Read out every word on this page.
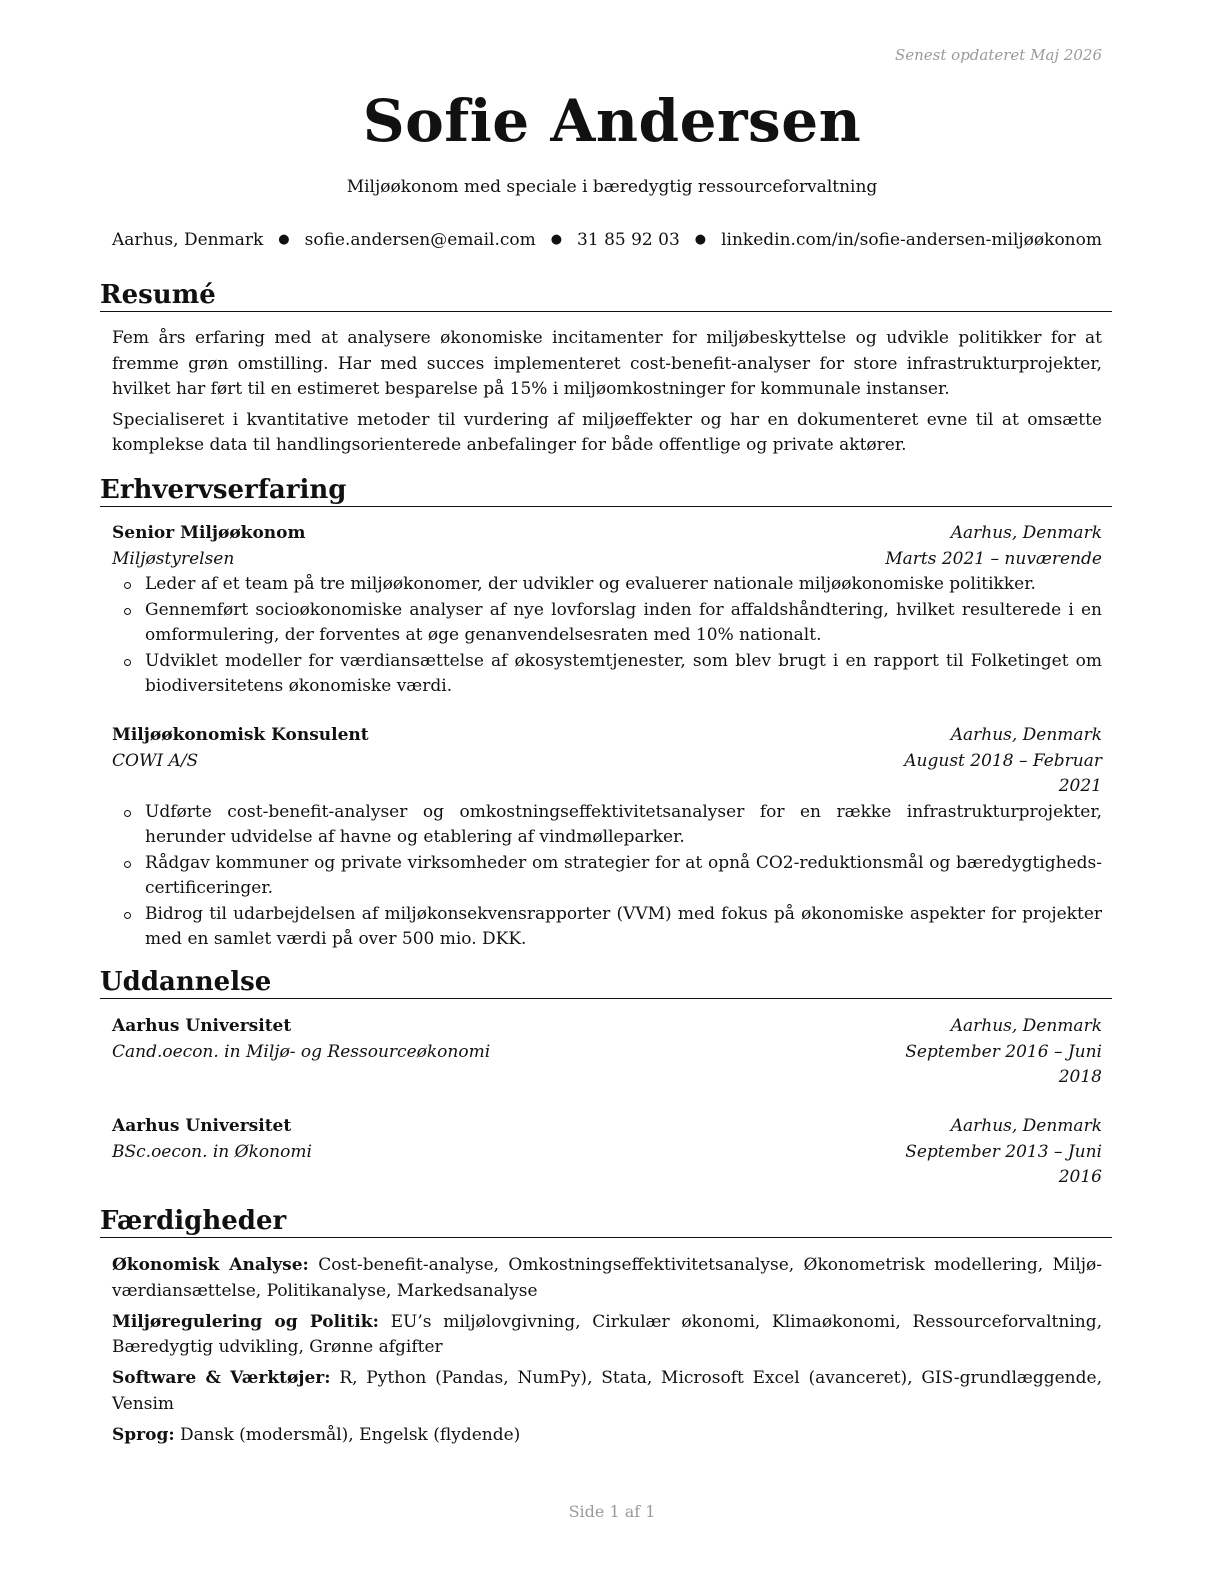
Senest opdateret Maj 2026
Sofie Andersen
Miljøøkonom med speciale i bæredygtig ressourceforvaltning
Aarhus, Denmark ● sofie.andersen@email.com ● 31 85 92 03 ● linkedin.com/in/sofie-andersen-miljøøkonom
Resumé

Fem års erfaring med at analysere økonomiske incitamenter for miljøbeskyttelse og udvikle politikker for at fremme grøn omstilling. Har med succes implementeret cost-benefit-analyser for store infrastrukturprojekter, hvilket har ført til en estimeret besparelse på 15% i miljøomkostninger for kommunale instanser.

Specialiseret i kvantitative metoder til vurdering af miljøeffekter og har en dokumenteret evne til at omsætte komplekse data til handlingsorienterede anbefalinger for både offentlige og private aktører.

Erhvervserfaring
Senior Miljøøkonom	Aarhus, Denmark
Miljøstyrelsen	Marts 2021 – nuværende
Leder af et team på tre miljøøkonomer, der udvikler og evaluerer nationale miljøøkonomiske politikker.
Gennemført socioøkonomiske analyser af nye lovforslag inden for affaldshåndtering, hvilket resulterede i en omformulering, der forventes at øge genanvendelsesraten med 10% nationalt.
Udviklet modeller for værdiansættelse af økosystemtjenester, som blev brugt i en rapport til Folketinget om biodiversitetens økonomiske værdi.
Miljøøkonomisk Konsulent	Aarhus, Denmark
COWI A/S	August 2018 – Februar 2021
Udførte cost-benefit-analyser og omkostningseffektivitetsanalyser for en række infrastrukturprojekter, herunder udvidelse af havne og etablering af vindmølleparker.
Rådgav kommuner og private virksomheder om strategier for at opnå CO2-reduktionsmål og bæredygtigheds-certificeringer.
Bidrog til udarbejdelsen af miljøkonsekvensrapporter (VVM) med fokus på økonomiske aspekter for projekter med en samlet værdi på over 500 mio. DKK.
Uddannelse
Aarhus Universitet	Aarhus, Denmark
Cand.oecon. in Miljø- og Ressourceøkonomi	September 2016 – Juni 2018
Aarhus Universitet	Aarhus, Denmark
BSc.oecon. in Økonomi	September 2013 – Juni 2016
Færdigheder

Økonomisk Analyse: Cost-benefit-analyse, Omkostningseffektivitetsanalyse, Økonometrisk modellering, Miljø-værdiansættelse, Politikanalyse, Markedsanalyse

Miljøregulering og Politik: EU’s miljølovgivning, Cirkulær økonomi, Klimaøkonomi, Ressourceforvaltning, Bæredygtig udvikling, Grønne afgifter

Software & Værktøjer: R, Python (Pandas, NumPy), Stata, Microsoft Excel (avanceret), GIS-grundlæggende, Vensim

Sprog: Dansk (modersmål), Engelsk (flydende)

Side 1 af 1
